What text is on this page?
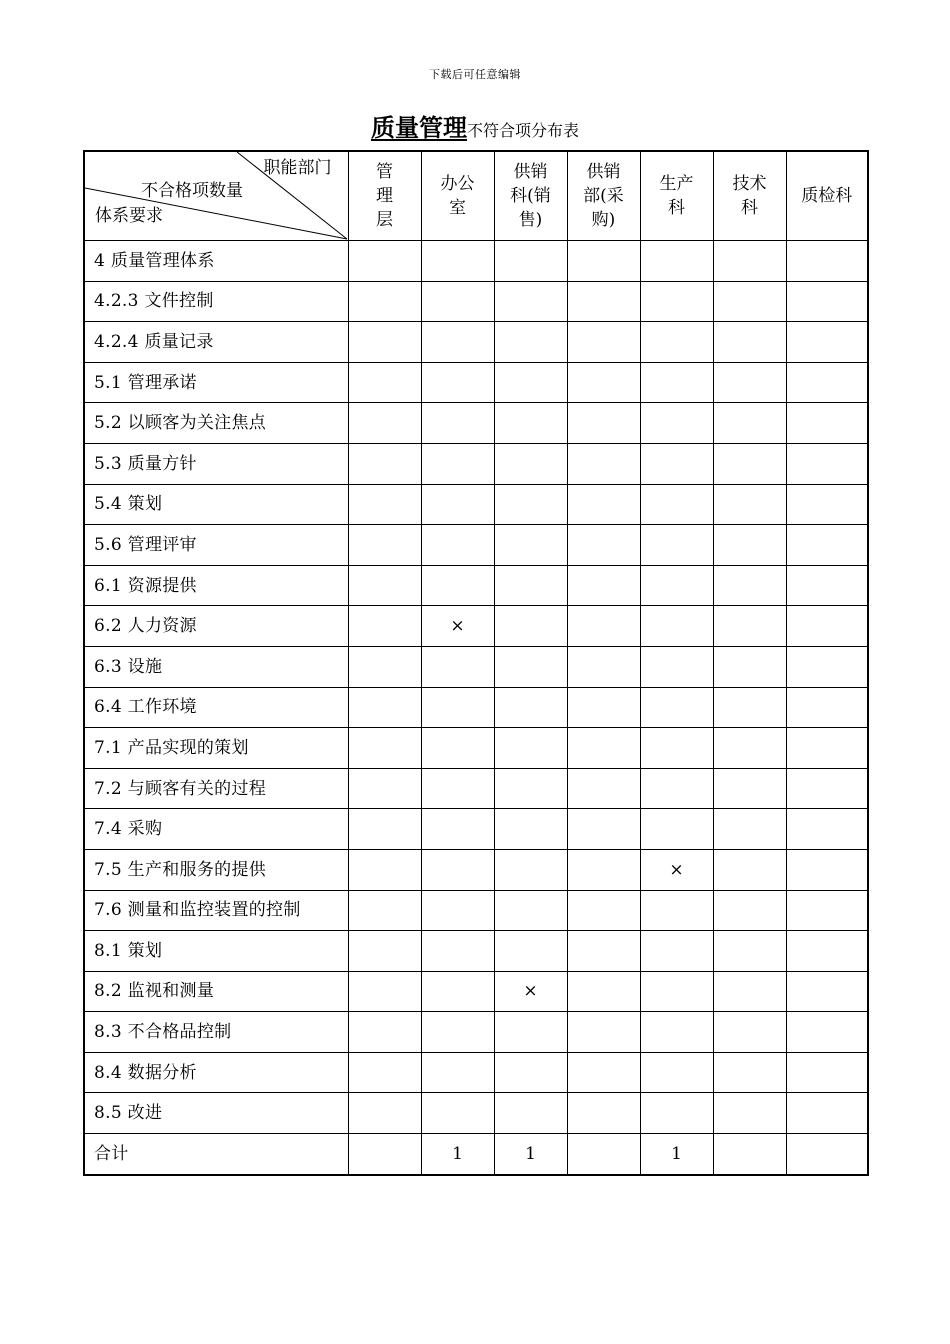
下载后可任意编辑
质量管理不符合项分布表
职能部门
不合格项数量
体系要求	管
理
层	办公
室	供销
科(销
售)	供销
部(采
购)	生产
科	技术
科	质检科
4 质量管理体系							
4.2.3 文件控制							
4.2.4 质量记录							
5.1 管理承诺							
5.2 以顾客为关注焦点							
5.3 质量方针							
5.4 策划							
5.6 管理评审							
6.1 资源提供							
6.2 人力资源		×					
6.3 设施							
6.4 工作环境							
7.1 产品实现的策划							
7.2 与顾客有关的过程							
7.4 采购							
7.5 生产和服务的提供					×		
7.6 测量和监控装置的控制							
8.1 策划							
8.2 监视和测量			×				
8.3 不合格品控制							
8.4 数据分析							
8.5 改进							
合计		1	1		1		
